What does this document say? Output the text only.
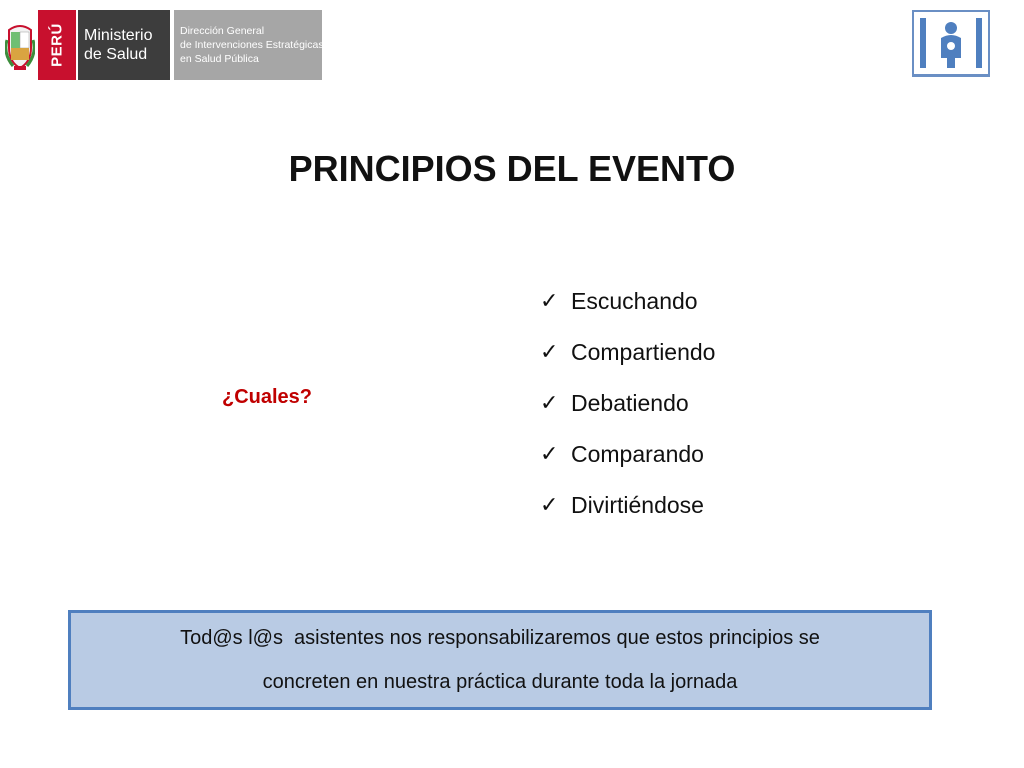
PERÚ Ministerio
de Salud
Dirección General
de Intervenciones Estratégicas
en Salud Pública
PRINCIPIOS DEL EVENTO
¿Cuales?
✓ Escuchando
✓ Compartiendo
✓ Debatiendo
✓ Comparando
✓ Divirtiéndose
Tod@s l@s  asistentes nos responsabilizaremos que estos principios se
concreten en nuestra práctica durante toda la jornada
